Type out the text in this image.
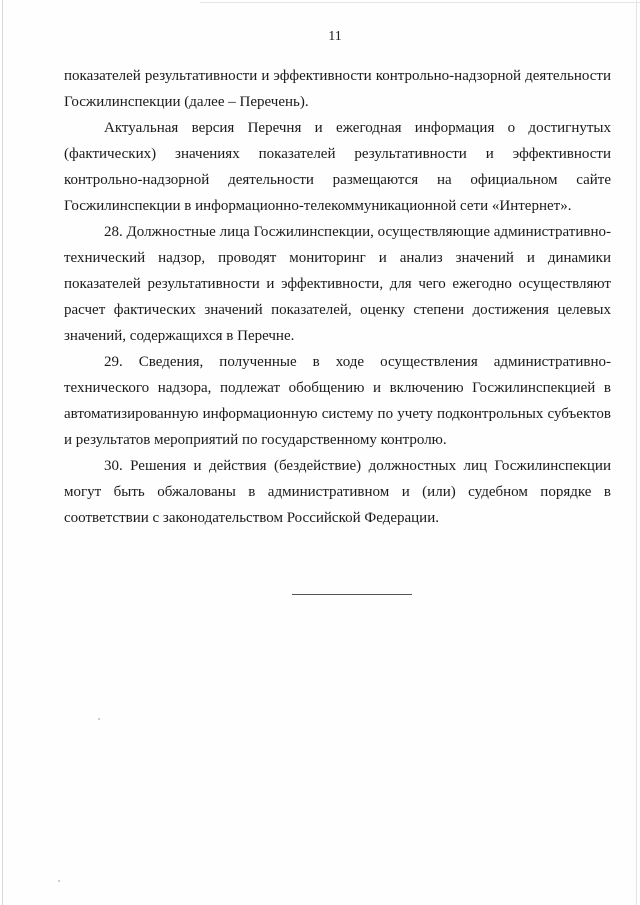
11

показателей результативности и эффективности контрольно-надзорной деятельности Госжилинспекции (далее – Перечень).

Актуальная версия Перечня и ежегодная информация о достигнутых (фактических) значениях показателей результативности и эффективности контрольно-надзорной деятельности размещаются на официальном сайте Госжилинспекции в информационно-телекоммуникационной сети «Интернет».

28. Должностные лица Госжилинспекции, осуществляющие административно-технический надзор, проводят мониторинг и анализ значений и динамики показателей результативности и эффективности, для чего ежегодно осуществляют расчет фактических значений показателей, оценку степени достижения целевых значений, содержащихся в Перечне.

29. Сведения, полученные в ходе осуществления административно-технического надзора, подлежат обобщению и включению Госжилинспекцией в автоматизированную информационную систему по учету подконтрольных субъектов и результатов мероприятий по государственному контролю.

30. Решения и действия (бездействие) должностных лиц Госжилинспекции могут быть обжалованы в административном и (или) судебном порядке в соответствии с законодательством Российской Федерации.
